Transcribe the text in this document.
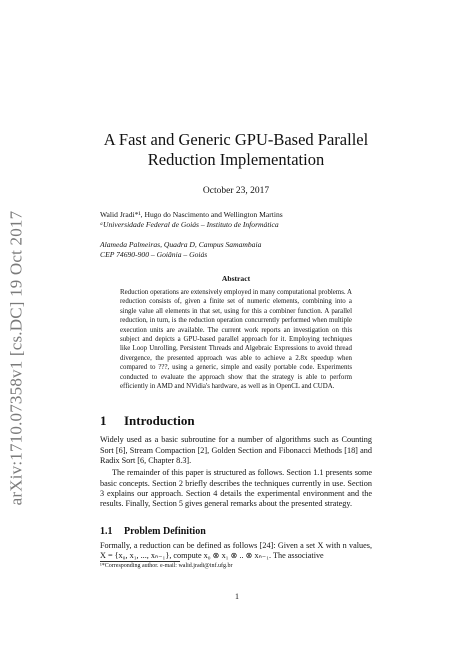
arXiv:1710.07358v1 [cs.DC] 19 Oct 2017

A Fast and Generic GPU-Based Parallel

Reduction Implementation

October 23, 2017
Walid Jradi*¹, Hugo do Nascimento and Wellington Martins
ᵃUniversidade Federal de Goiás – Instituto de Informática
Alameda Palmeiras, Quadra D, Campus Samambaia
CEP 74690-900 – Goiânia – Goiás
Abstract

Reduction operations are extensively employed in many computational problems. A reduction consists of, given a finite set of numeric elements, combining into a single value all elements in that set, using for this a combiner function. A parallel reduction, in turn, is the reduction operation concurrently performed when multiple execution units are available. The current work reports an investigation on this subject and depicts a GPU-based parallel approach for it. Employing techniques like Loop Unrolling, Persistent Threads and Algebraic Expressions to avoid thread divergence, the presented approach was able to achieve a 2.8x speedup when compared to ???, using a generic, simple and easily portable code. Experiments conducted to evaluate the approach show that the strategy is able to perform efficiently in AMD and NVidia's hardware, as well as in OpenCL and CUDA.

1 Introduction

Widely used as a basic subroutine for a number of algorithms such as Counting Sort [6], Stream Compaction [2], Golden Section and Fibonacci Methods [18] and Radix Sort [6, Chapter 8.3].

The remainder of this paper is structured as follows. Section 1.1 presents some basic concepts. Section 2 briefly describes the techniques currently in use. Section 3 explains our approach. Section 4 details the experimental environment and the results. Finally, Section 5 gives general remarks about the presented strategy.

1.1 Problem Definition

Formally, a reduction can be defined as follows [24]: Given a set X with n values, X = {x₀, x₁, ..., xₙ₋₁}, compute x₀ ⊗ x₁ ⊗ .. ⊗ xₙ₋₁. The associative

¹*Corresponding author. e-mail: walid.jradi@inf.ufg.br
1
